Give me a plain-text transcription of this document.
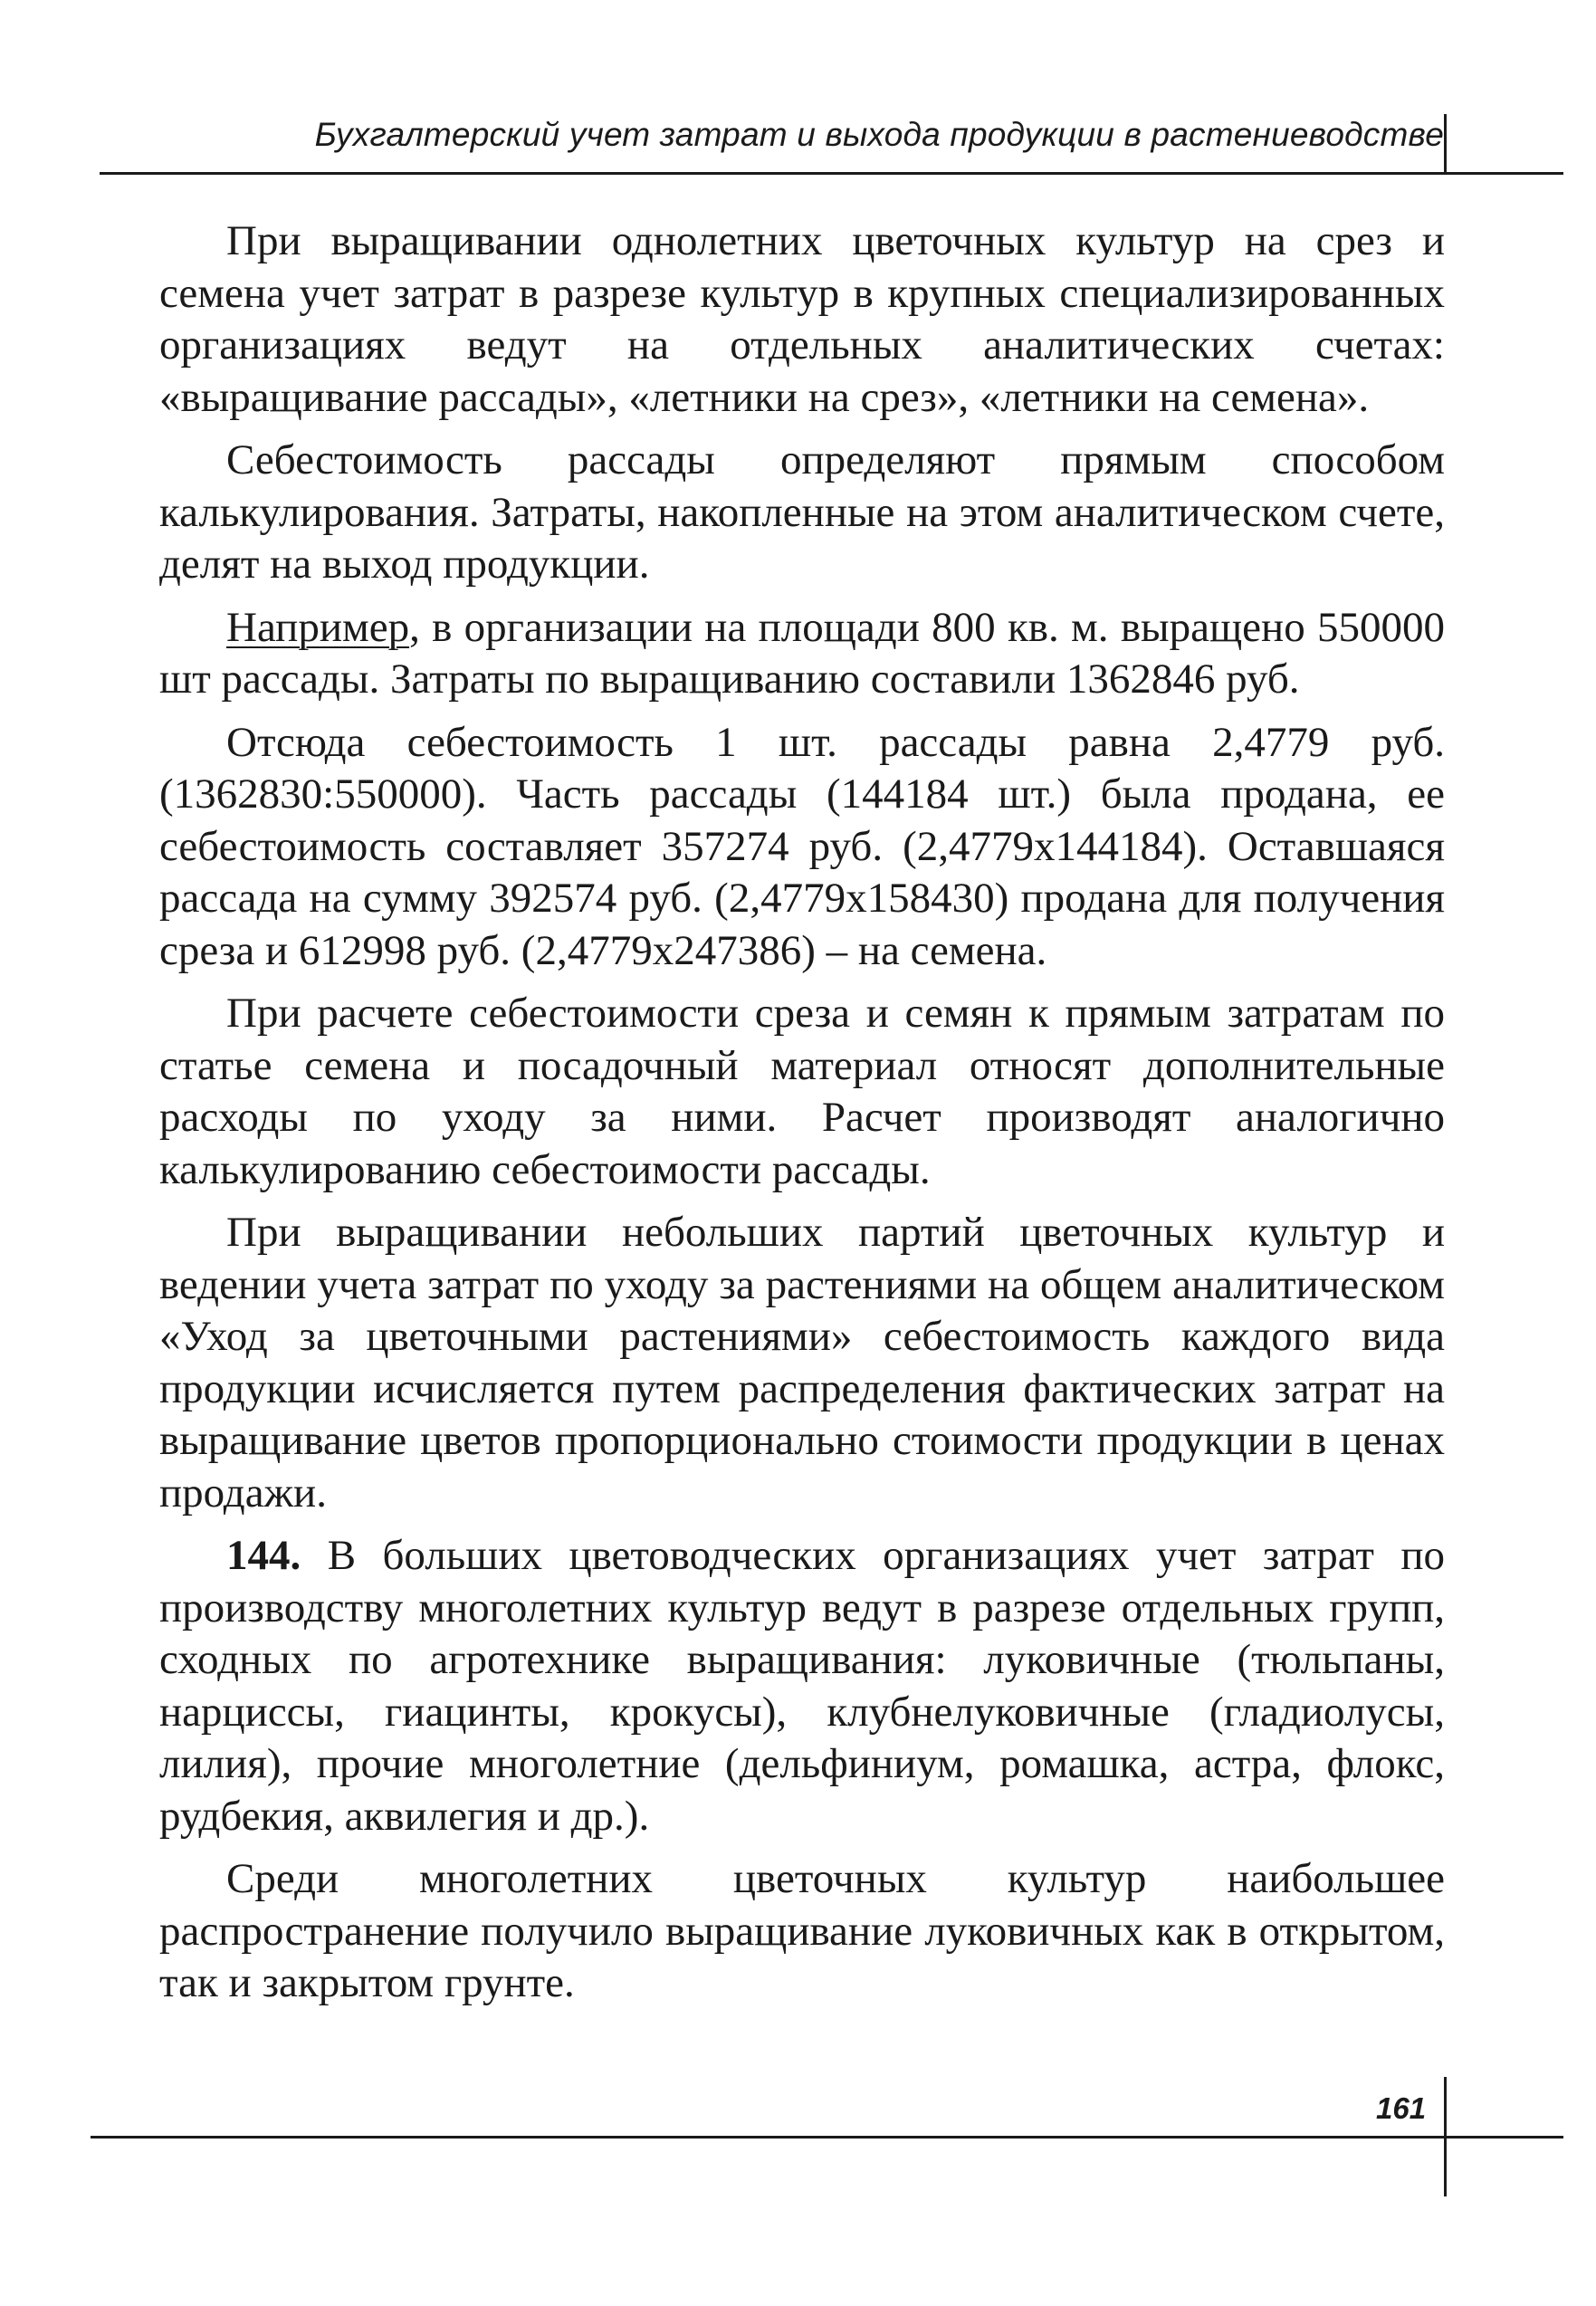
Бухгалтерский учет затрат и выхода продукции в растениеводстве

При выращивании однолетних цветочных культур на срез и семена учет затрат в разрезе культур в крупных специализированных организациях ведут на отдельных аналитических счетах: «выращивание рассады», «летники на срез», «летники на семена».

Себестоимость рассады определяют прямым способом калькулирования. Затраты, накопленные на этом аналитическом счете, делят на выход продукции.

Например, в организации на площади 800 кв. м. выращено 550000 шт рассады. Затраты по выращиванию составили 1362846 руб.

Отсюда себестоимость 1 шт. рассады равна 2,4779 руб. (1362830:550000). Часть рассады (144184 шт.) была продана, ее себестоимость составляет 357274 руб. (2,4779х144184). Оставшаяся рассада на сумму 392574 руб. (2,4779х158430) продана для получения среза и 612998 руб. (2,4779х247386) – на семена.

При расчете себестоимости среза и семян к прямым затратам по статье семена и посадочный материал относят дополнительные расходы по уходу за ними. Расчет производят аналогично калькулированию себестоимости рассады.

При выращивании небольших партий цветочных культур и ведении учета затрат по уходу за растениями на общем аналитическом «Уход за цветочными растениями» себестоимость каждого вида продукции исчисляется путем распределения фактических затрат на выращивание цветов пропорционально стоимости продукции в ценах продажи.

144. В больших цветоводческих организациях учет затрат по производству многолетних культур ведут в разрезе отдельных групп, сходных по агротехнике выращивания: луковичные (тюльпаны, нарциссы, гиацинты, крокусы), клубнелуковичные (гладиолусы, лилия), прочие многолетние (дельфиниум, ромашка, астра, флокс, рудбекия, аквилегия и др.).

Среди многолетних цветочных культур наибольшее распространение получило выращивание луковичных как в открытом, так и закрытом грунте.

161
